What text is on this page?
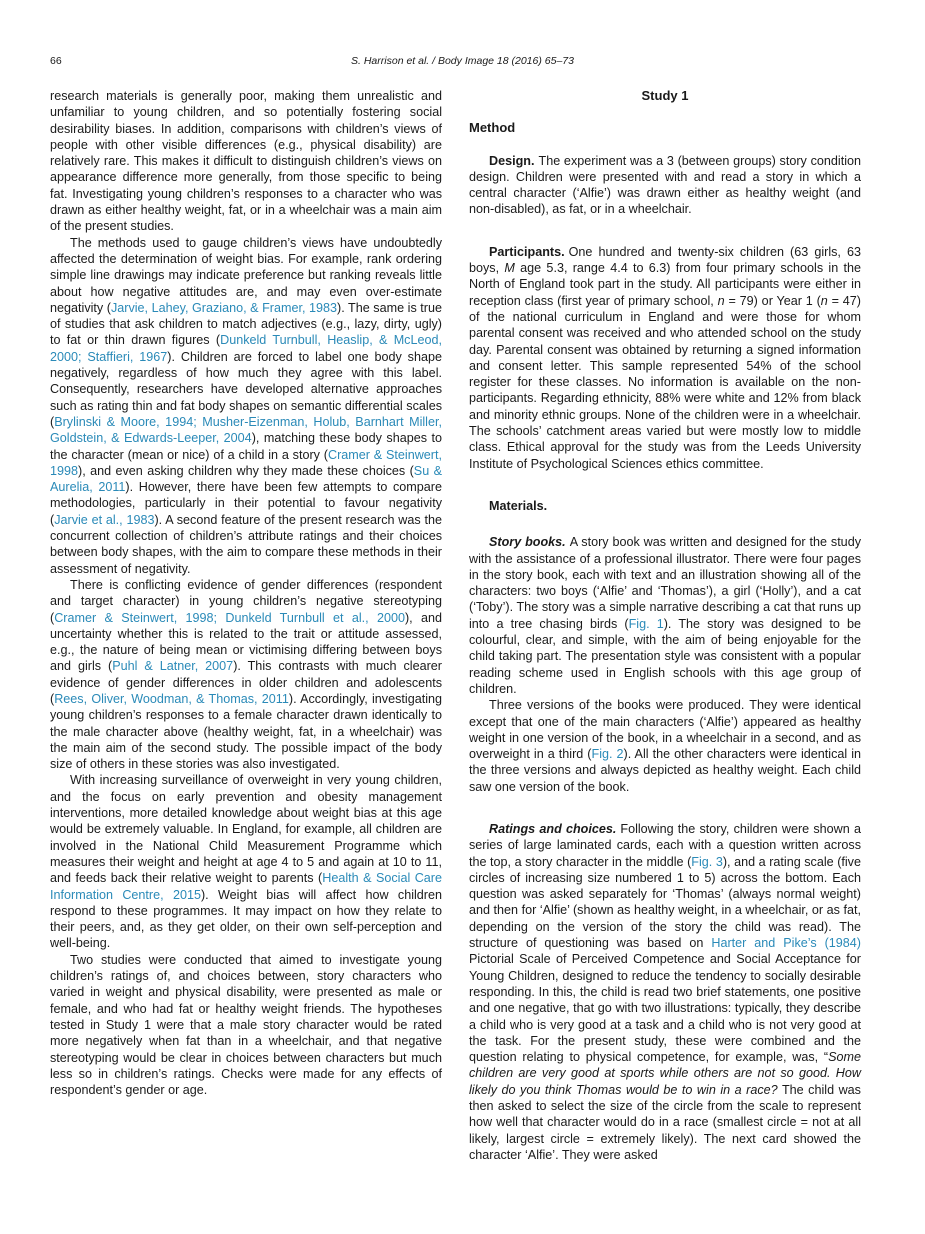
66	S. Harrison et al. / Body Image 18 (2016) 65–73

research materials is generally poor, making them unrealistic and unfamiliar to young children, and so potentially fostering social desirability biases. In addition, comparisons with children’s views of people with other visible differences (e.g., physical disability) are relatively rare. This makes it difficult to distinguish children’s views on appearance difference more generally, from those specific to being fat. Investigating young children’s responses to a character who was drawn as either healthy weight, fat, or in a wheelchair was a main aim of the present studies.

The methods used to gauge children’s views have undoubtedly affected the determination of weight bias. For example, rank ordering simple line drawings may indicate preference but ranking reveals little about how negative attitudes are, and may even over-estimate negativity (Jarvie, Lahey, Graziano, & Framer, 1983). The same is true of studies that ask children to match adjectives (e.g., lazy, dirty, ugly) to fat or thin drawn figures (Dunkeld Turnbull, Heaslip, & McLeod, 2000; Staffieri, 1967). Children are forced to label one body shape negatively, regardless of how much they agree with this label. Consequently, researchers have developed alternative approaches such as rating thin and fat body shapes on semantic differential scales (Brylinski & Moore, 1994; Musher-Eizenman, Holub, Barnhart Miller, Goldstein, & Edwards-Leeper, 2004), matching these body shapes to the character (mean or nice) of a child in a story (Cramer & Steinwert, 1998), and even asking children why they made these choices (Su & Aurelia, 2011). However, there have been few attempts to compare methodologies, particularly in their potential to favour negativity (Jarvie et al., 1983). A second feature of the present research was the concurrent collection of children’s attribute ratings and their choices between body shapes, with the aim to compare these methods in their assessment of negativity.

There is conflicting evidence of gender differences (respondent and target character) in young children’s negative stereotyping (Cramer & Steinwert, 1998; Dunkeld Turnbull et al., 2000), and uncertainty whether this is related to the trait or attitude assessed, e.g., the nature of being mean or victimising differing between boys and girls (Puhl & Latner, 2007). This contrasts with much clearer evidence of gender differences in older children and adolescents (Rees, Oliver, Woodman, & Thomas, 2011). Accordingly, investigating young children’s responses to a female character drawn identically to the male character above (healthy weight, fat, in a wheelchair) was the main aim of the second study. The possible impact of the body size of others in these stories was also investigated.

With increasing surveillance of overweight in very young children, and the focus on early prevention and obesity management interventions, more detailed knowledge about weight bias at this age would be extremely valuable. In England, for example, all children are involved in the National Child Measurement Programme which measures their weight and height at age 4 to 5 and again at 10 to 11, and feeds back their relative weight to parents (Health & Social Care Information Centre, 2015). Weight bias will affect how children respond to these programmes. It may impact on how they relate to their peers, and, as they get older, on their own self-perception and well-being.

Two studies were conducted that aimed to investigate young children’s ratings of, and choices between, story characters who varied in weight and physical disability, were presented as male or female, and who had fat or healthy weight friends. The hypotheses tested in Study 1 were that a male story character would be rated more negatively when fat than in a wheelchair, and that negative stereotyping would be clear in choices between characters but much less so in children’s ratings. Checks were made for any effects of respondent’s gender or age.

Study 1
Method

Design. The experiment was a 3 (between groups) story condition design. Children were presented with and read a story in which a central character (‘Alfie’) was drawn either as healthy weight (and non-disabled), as fat, or in a wheelchair.

Participants. One hundred and twenty-six children (63 girls, 63 boys, M age 5.3, range 4.4 to 6.3) from four primary schools in the North of England took part in the study. All participants were either in reception class (first year of primary school, n = 79) or Year 1 (n = 47) of the national curriculum in England and were those for whom parental consent was received and who attended school on the study day. Parental consent was obtained by returning a signed information and consent letter. This sample represented 54% of the school register for these classes. No information is available on the non-participants. Regarding ethnicity, 88% were white and 12% from black and minority ethnic groups. None of the children were in a wheelchair. The schools’ catchment areas varied but were mostly low to middle class. Ethical approval for the study was from the Leeds University Institute of Psychological Sciences ethics committee.

Materials.

Story books. A story book was written and designed for the study with the assistance of a professional illustrator. There were four pages in the story book, each with text and an illustration showing all of the characters: two boys (‘Alfie’ and ‘Thomas’), a girl (‘Holly’), and a cat (‘Toby’). The story was a simple narrative describing a cat that runs up into a tree chasing birds (Fig. 1). The story was designed to be colourful, clear, and simple, with the aim of being enjoyable for the child taking part. The presentation style was consistent with a popular reading scheme used in English schools with this age group of children.

Three versions of the books were produced. They were identical except that one of the main characters (‘Alfie’) appeared as healthy weight in one version of the book, in a wheelchair in a second, and as overweight in a third (Fig. 2). All the other characters were identical in the three versions and always depicted as healthy weight. Each child saw one version of the book.

Ratings and choices. Following the story, children were shown a series of large laminated cards, each with a question written across the top, a story character in the middle (Fig. 3), and a rating scale (five circles of increasing size numbered 1 to 5) across the bottom. Each question was asked separately for ‘Thomas’ (always normal weight) and then for ‘Alfie’ (shown as healthy weight, in a wheelchair, or as fat, depending on the version of the story the child was read). The structure of questioning was based on Harter and Pike’s (1984) Pictorial Scale of Perceived Competence and Social Acceptance for Young Children, designed to reduce the tendency to socially desirable responding. In this, the child is read two brief statements, one positive and one negative, that go with two illustrations: typically, they describe a child who is very good at a task and a child who is not very good at the task. For the present study, these were combined and the question relating to physical competence, for example, was, “Some children are very good at sports while others are not so good. How likely do you think Thomas would be to win in a race? The child was then asked to select the size of the circle from the scale to represent how well that character would do in a race (smallest circle = not at all likely, largest circle = extremely likely). The next card showed the character ‘Alfie’. They were asked
